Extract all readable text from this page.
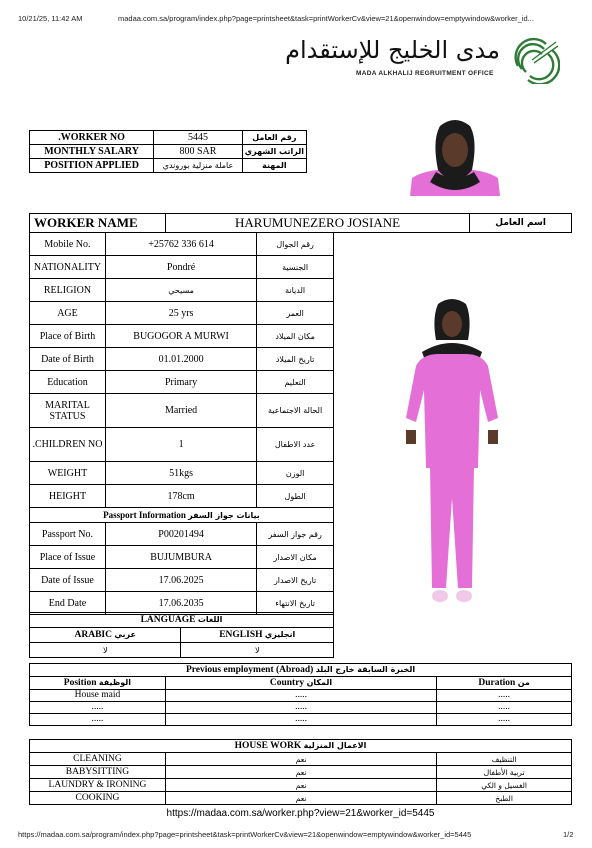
10/21/25, 11:42 AM	madaa.com.sa/program/index.php?page=printsheet&task=printWorkerCv&view=21&openwindow=emptywindow&worker_id...
مدى الخليج للإستقدام
MADA ALKHALIJ REGRUITMENT OFFICE
.WORKER NO	5445	رقم العامل
MONTHLY SALARY	800 SAR	الراتب الشهري
POSITION APPLIED	عاملة منزلية بوروندي	المهنة
WORKER NAME	HARUMUNEZERO JOSIANE	اسم العامل
Mobile No.	+25762 336 614	رقم الجوال
NATIONALITY	Pondré	الجنسية
RELIGION	مسيحي	الديانة
AGE	25 yrs	العمر
Place of Birth	BUGOGOR A MURWI	مكان الميلاد
Date of Birth	01.01.2000	تاريخ الميلاد
Education	Primary	التعليم
MARITAL STATUS	Married	الحالة الاجتماعية
.CHILDREN NO	1	عدد الاطفال
WEIGHT	51kgs	الوزن
HEIGHT	178cm	الطول
Passport Information بيانات جواز السفر		
Passport No.	P00201494	رقم جواز السفر
Place of Issue	BUJUMBURA	مكان الاصدار
Date of Issue	17.06.2025	تاريخ الاصدار
End Date	17.06.2035	تاريخ الانتهاء
LANGUAGE اللغات	
ARABIC عربي	ENGLISH انجليزي
لا	لا
Previous employment (Abroad) الخبرة السابقة خارج البلد		
Position الوظيفة	Country المكان	Duration من
House maid	.....	.....
.....	.....	.....
.....	.....	.....
HOUSE WORK الاعمال المنزلية		
CLEANING	نعم	التنظيف
BABYSITTING	نعم	تربية الأطفال
LAUNDRY & IRONING	نعم	الغسيل و الكي
COOKING	نعم	الطبخ
https://madaa.com.sa/worker.php?view=21&worker_id=5445
https://madaa.com.sa/program/index.php?page=printsheet&task=printWorkerCv&view=21&openwindow=emptywindow&worker_id=5445	1/2
